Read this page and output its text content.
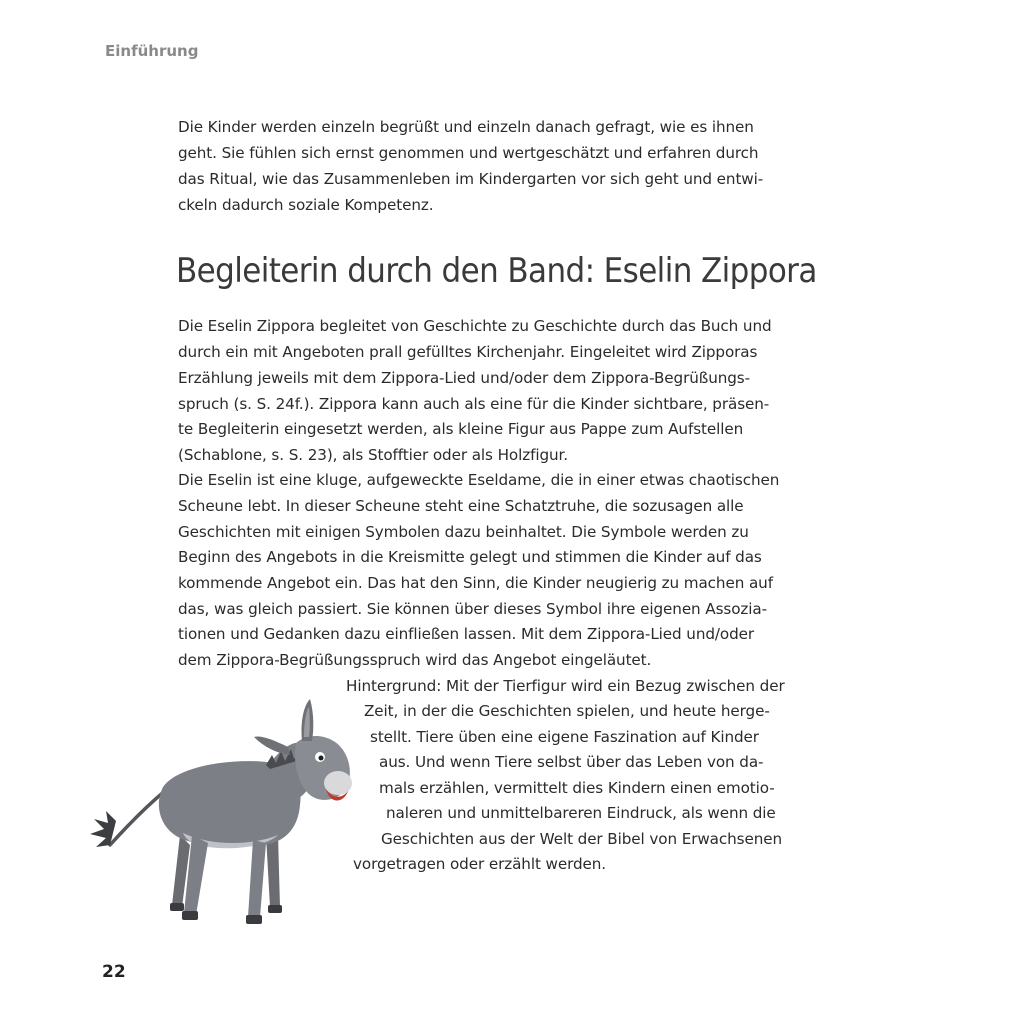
Einführung
Die Kinder werden einzeln begrüßt und einzeln danach gefragt, wie es ihnen
geht. Sie fühlen sich ernst genommen und wertgeschätzt und erfahren durch
das Ritual, wie das Zusammenleben im Kindergarten vor sich geht und entwi-
ckeln dadurch soziale Kompetenz.
Begleiterin durch den Band: Eselin Zippora
Die Eselin Zippora begleitet von Geschichte zu Geschichte durch das Buch und
durch ein mit Angeboten prall gefülltes Kirchenjahr. Eingeleitet wird Zipporas
Erzählung jeweils mit dem Zippora-Lied und/oder dem Zippora-Begrüßungs-
spruch (s. S. 24f.). Zippora kann auch als eine für die Kinder sichtbare, präsen-
te Begleiterin eingesetzt werden, als kleine Figur aus Pappe zum Aufstellen
(Schablone, s. S. 23), als Stofftier oder als Holzfigur.
Die Eselin ist eine kluge, aufgeweckte Eseldame, die in einer etwas chaotischen
Scheune lebt. In dieser Scheune steht eine Schatztruhe, die sozusagen alle
Geschichten mit einigen Symbolen dazu beinhaltet. Die Symbole werden zu
Beginn des Angebots in die Kreismitte gelegt und stimmen die Kinder auf das
kommende Angebot ein. Das hat den Sinn, die Kinder neugierig zu machen auf
das, was gleich passiert. Sie können über dieses Symbol ihre eigenen Assozia-
tionen und Gedanken dazu einfließen lassen. Mit dem Zippora-Lied und/oder
dem Zippora-Begrüßungsspruch wird das Angebot eingeläutet.
Hintergrund: Mit der Tierfigur wird ein Bezug zwischen der
Zeit, in der die Geschichten spielen, und heute herge-
stellt. Tiere üben eine eigene Faszination auf Kinder
aus. Und wenn Tiere selbst über das Leben von da-
mals erzählen, vermittelt dies Kindern einen emotio-
naleren und unmittelbareren Eindruck, als wenn die
Geschichten aus der Welt der Bibel von Erwachsenen
vorgetragen oder erzählt werden.
22
